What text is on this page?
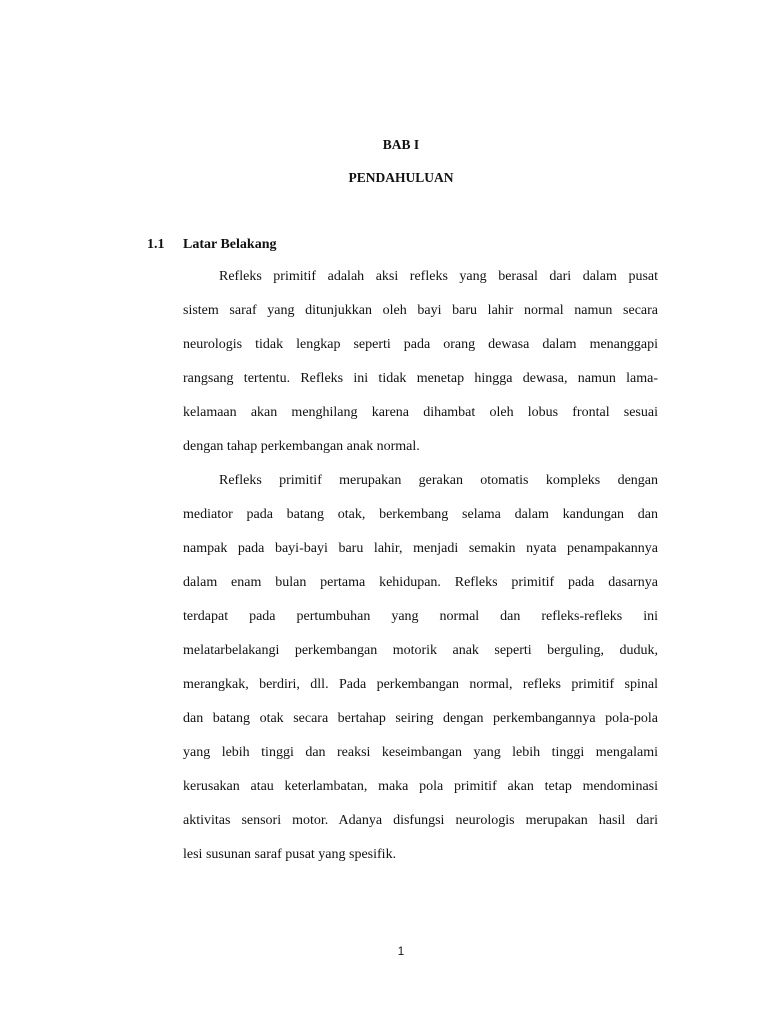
BAB I
PENDAHULUAN
1.1 Latar Belakang

Refleks primitif adalah aksi refleks yang berasal dari dalam pusat

sistem saraf yang ditunjukkan oleh bayi baru lahir normal namun secara

neurologis tidak lengkap seperti pada orang dewasa dalam menanggapi

rangsang tertentu. Refleks ini tidak menetap hingga dewasa, namun lama-

kelamaan akan menghilang karena dihambat oleh lobus frontal sesuai

dengan tahap perkembangan anak normal.

Refleks primitif merupakan gerakan otomatis kompleks dengan

mediator pada batang otak, berkembang selama dalam kandungan dan

nampak pada bayi-bayi baru lahir, menjadi semakin nyata penampakannya

dalam enam bulan pertama kehidupan. Refleks primitif pada dasarnya

terdapat pada pertumbuhan yang normal dan refleks-refleks ini

melatarbelakangi perkembangan motorik anak seperti berguling, duduk,

merangkak, berdiri, dll. Pada perkembangan normal, refleks primitif spinal

dan batang otak secara bertahap seiring dengan perkembangannya pola-pola

yang lebih tinggi dan reaksi keseimbangan yang lebih tinggi mengalami

kerusakan atau keterlambatan, maka pola primitif akan tetap mendominasi

aktivitas sensori motor. Adanya disfungsi neurologis merupakan hasil dari

lesi susunan saraf pusat yang spesifik.

1
